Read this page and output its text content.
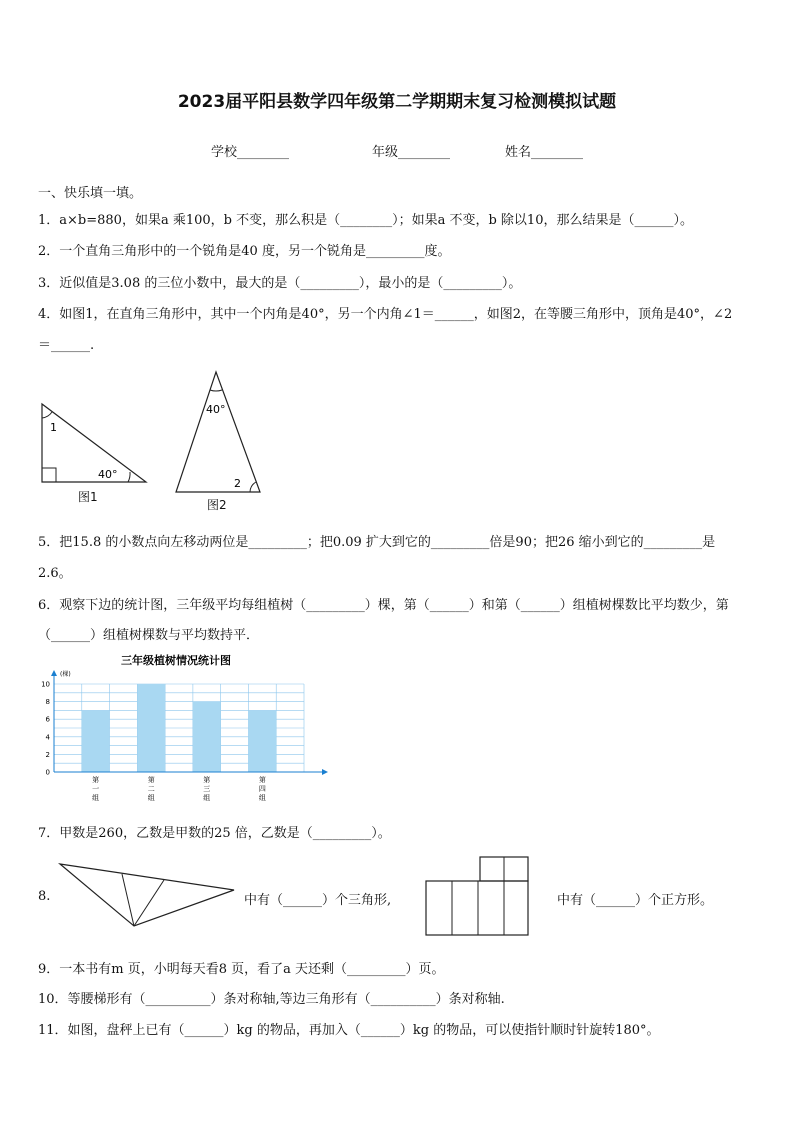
2023届平阳县数学四年级第二学期期末复习检测模拟试题
学校________	年级________	姓名________
一、快乐填一填。
1．a×b=880，如果a 乘100，b 不变，那么积是（________）；如果a 不变，b 除以10，那么结果是（______）。
2．一个直角三角形中的一个锐角是40 度，另一个锐角是_________度。
3．近似值是3.08 的三位小数中，最大的是（_________），最小的是（_________）。
4．如图1，在直角三角形中，其中一个内角是40°，另一个内角∠1＝______，如图2，在等腰三角形中，顶角是40°，∠2
＝______.
1
40°
图1
40°
2
图2
5．把15.8 的小数点向左移动两位是_________；把0.09 扩大到它的_________倍是90；把26 缩小到它的_________是
2.6。
6．观察下边的统计图，三年级平均每组植树（_________）棵，第（______）和第（______）组植树棵数比平均数少，第
（______）组植树棵数与平均数持平．
三年级植树情况统计图
(棵)
0
2
4
6
8
10
第一组
第二组
第三组
第四组
7．甲数是260，乙数是甲数的25 倍，乙数是（_________）。
8.	中有（______）个三角形,	中有（______）个正方形。
9．一本书有m 页，小明每天看8 页，看了a 天还剩（_________）页。
10．等腰梯形有（__________）条对称轴,等边三角形有（__________）条对称轴.
11．如图，盘秤上已有（______）kg 的物品，再加入（______）kg 的物品，可以使指针顺时针旋转180°。
